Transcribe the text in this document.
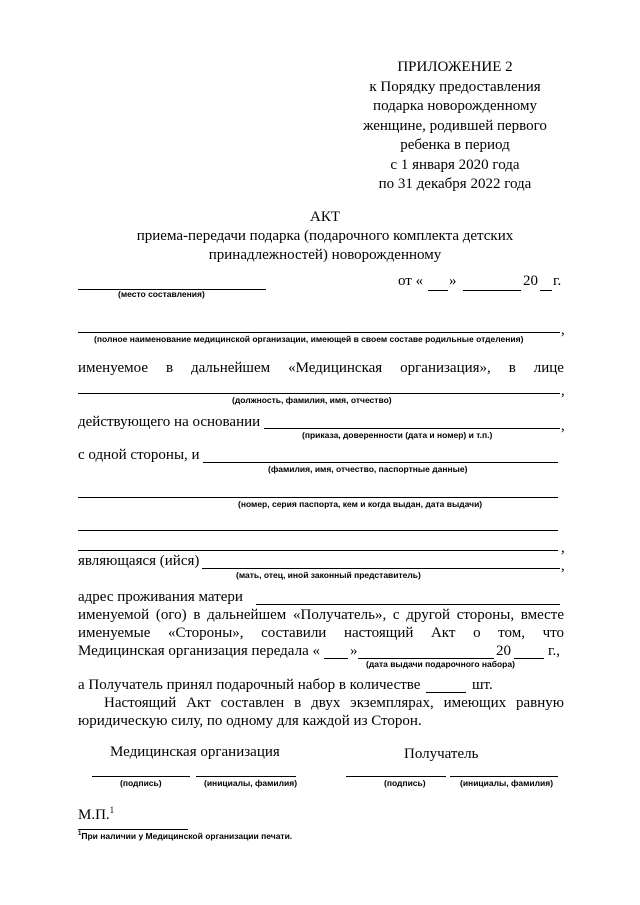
ПРИЛОЖЕНИЕ 2
к Порядку предоставления
подарка новорожденному
женщине, родившей первого
ребенка в период
с 1 января 2020 года
по 31 декабря 2022 года
АКТ
приема-передачи подарка (подарочного комплекта детских
принадлежностей) новорожденному
(место составления)
от « »	20 г.
,
(полное наименование медицинской организации, имеющей в своем составе родильные отделения)
именуемое в дальнейшем «Медицинская организация», в лице
,
(должность, фамилия, имя, отчество)
действующего на основании	,
(приказа, доверенности (дата и номер) и т.п.)
с одной стороны, и
(фамилия, имя, отчество, паспортные данные)
(номер, серия паспорта, кем и когда выдан, дата выдачи)
,
являющаяся (ийся)	,
(мать, отец, иной законный представитель)
адрес проживания матери
именуемой (ого) в дальнейшем «Получатель», с другой стороны, вместе
именуемые «Стороны», составили настоящий Акт о том, что
Медицинская организация передала « »	20 г.,
(дата выдачи подарочного набора)
а Получатель принял подарочный набор в количестве	шт.
Настоящий Акт составлен в двух экземплярах, имеющих равную
юридическую силу, по одному для каждой из Сторон.
Медицинская организация	Получатель
(подпись)	(инициалы, фамилия)	(подпись)	(инициалы, фамилия)
М.П.$^1$
$^1$При наличии у Медицинской организации печати.
